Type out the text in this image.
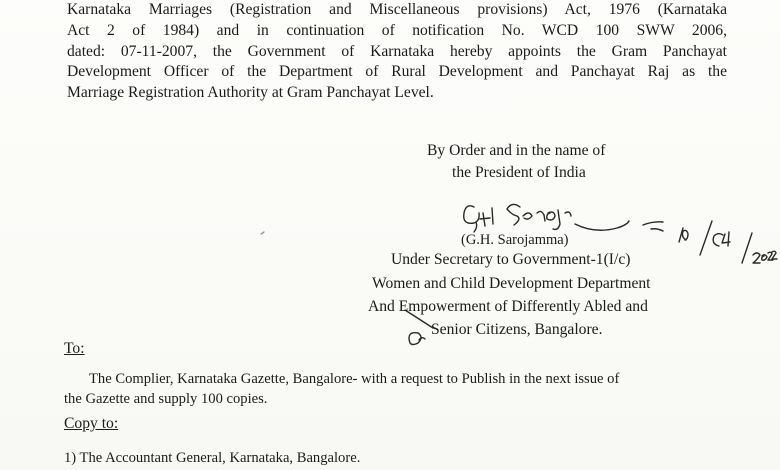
Karnataka Marriages (Registration and Miscellaneous provisions) Act, 1976 (Karnataka
Act 2 of 1984) and in continuation of notification No. WCD 100 SWW 2006,
dated: 07-11-2007, the Government of Karnataka hereby appoints the Gram Panchayat
Development Officer of the Department of Rural Development and Panchayat Raj as the
Marriage Registration Authority at Gram Panchayat Level.
By Order and in the name of
the President of India
(G.H. Sarojamma)
Under Secretary to Government-1(I/c)
Women and Child Development Department
And Empowerment of Differently Abled and
Senior Citizens, Bangalore.
To:
The Complier, Karnataka Gazette, Bangalore- with a request to Publish in the next issue of
the Gazette and supply 100 copies.
Copy to:
1) The Accountant General, Karnataka, Bangalore.
